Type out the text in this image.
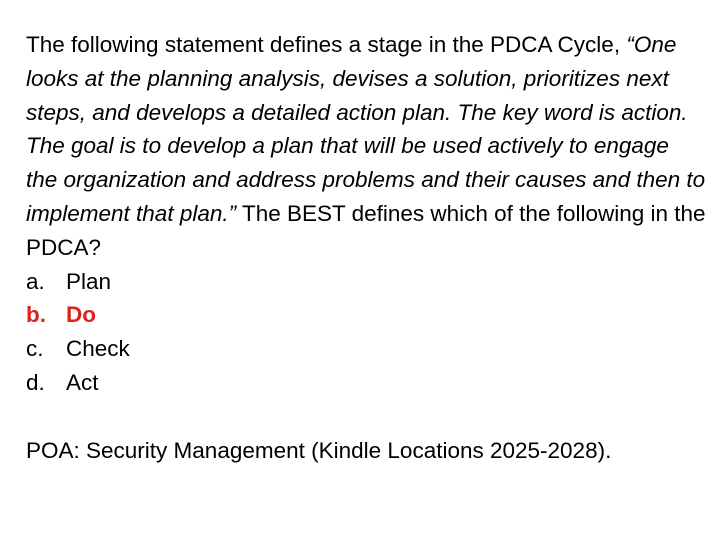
The following statement defines a stage in the PDCA Cycle, “One looks at the planning analysis, devises a solution, prioritizes next steps, and develops a detailed action plan. The key word is action. The goal is to develop a plan that will be used actively to engage the organization and address problems and their causes and then to implement that plan.” The BEST defines which of the following in the PDCA?

a. Plan
b. Do
c. Check
d. Act

POA: Security Management (Kindle Locations 2025-2028).
